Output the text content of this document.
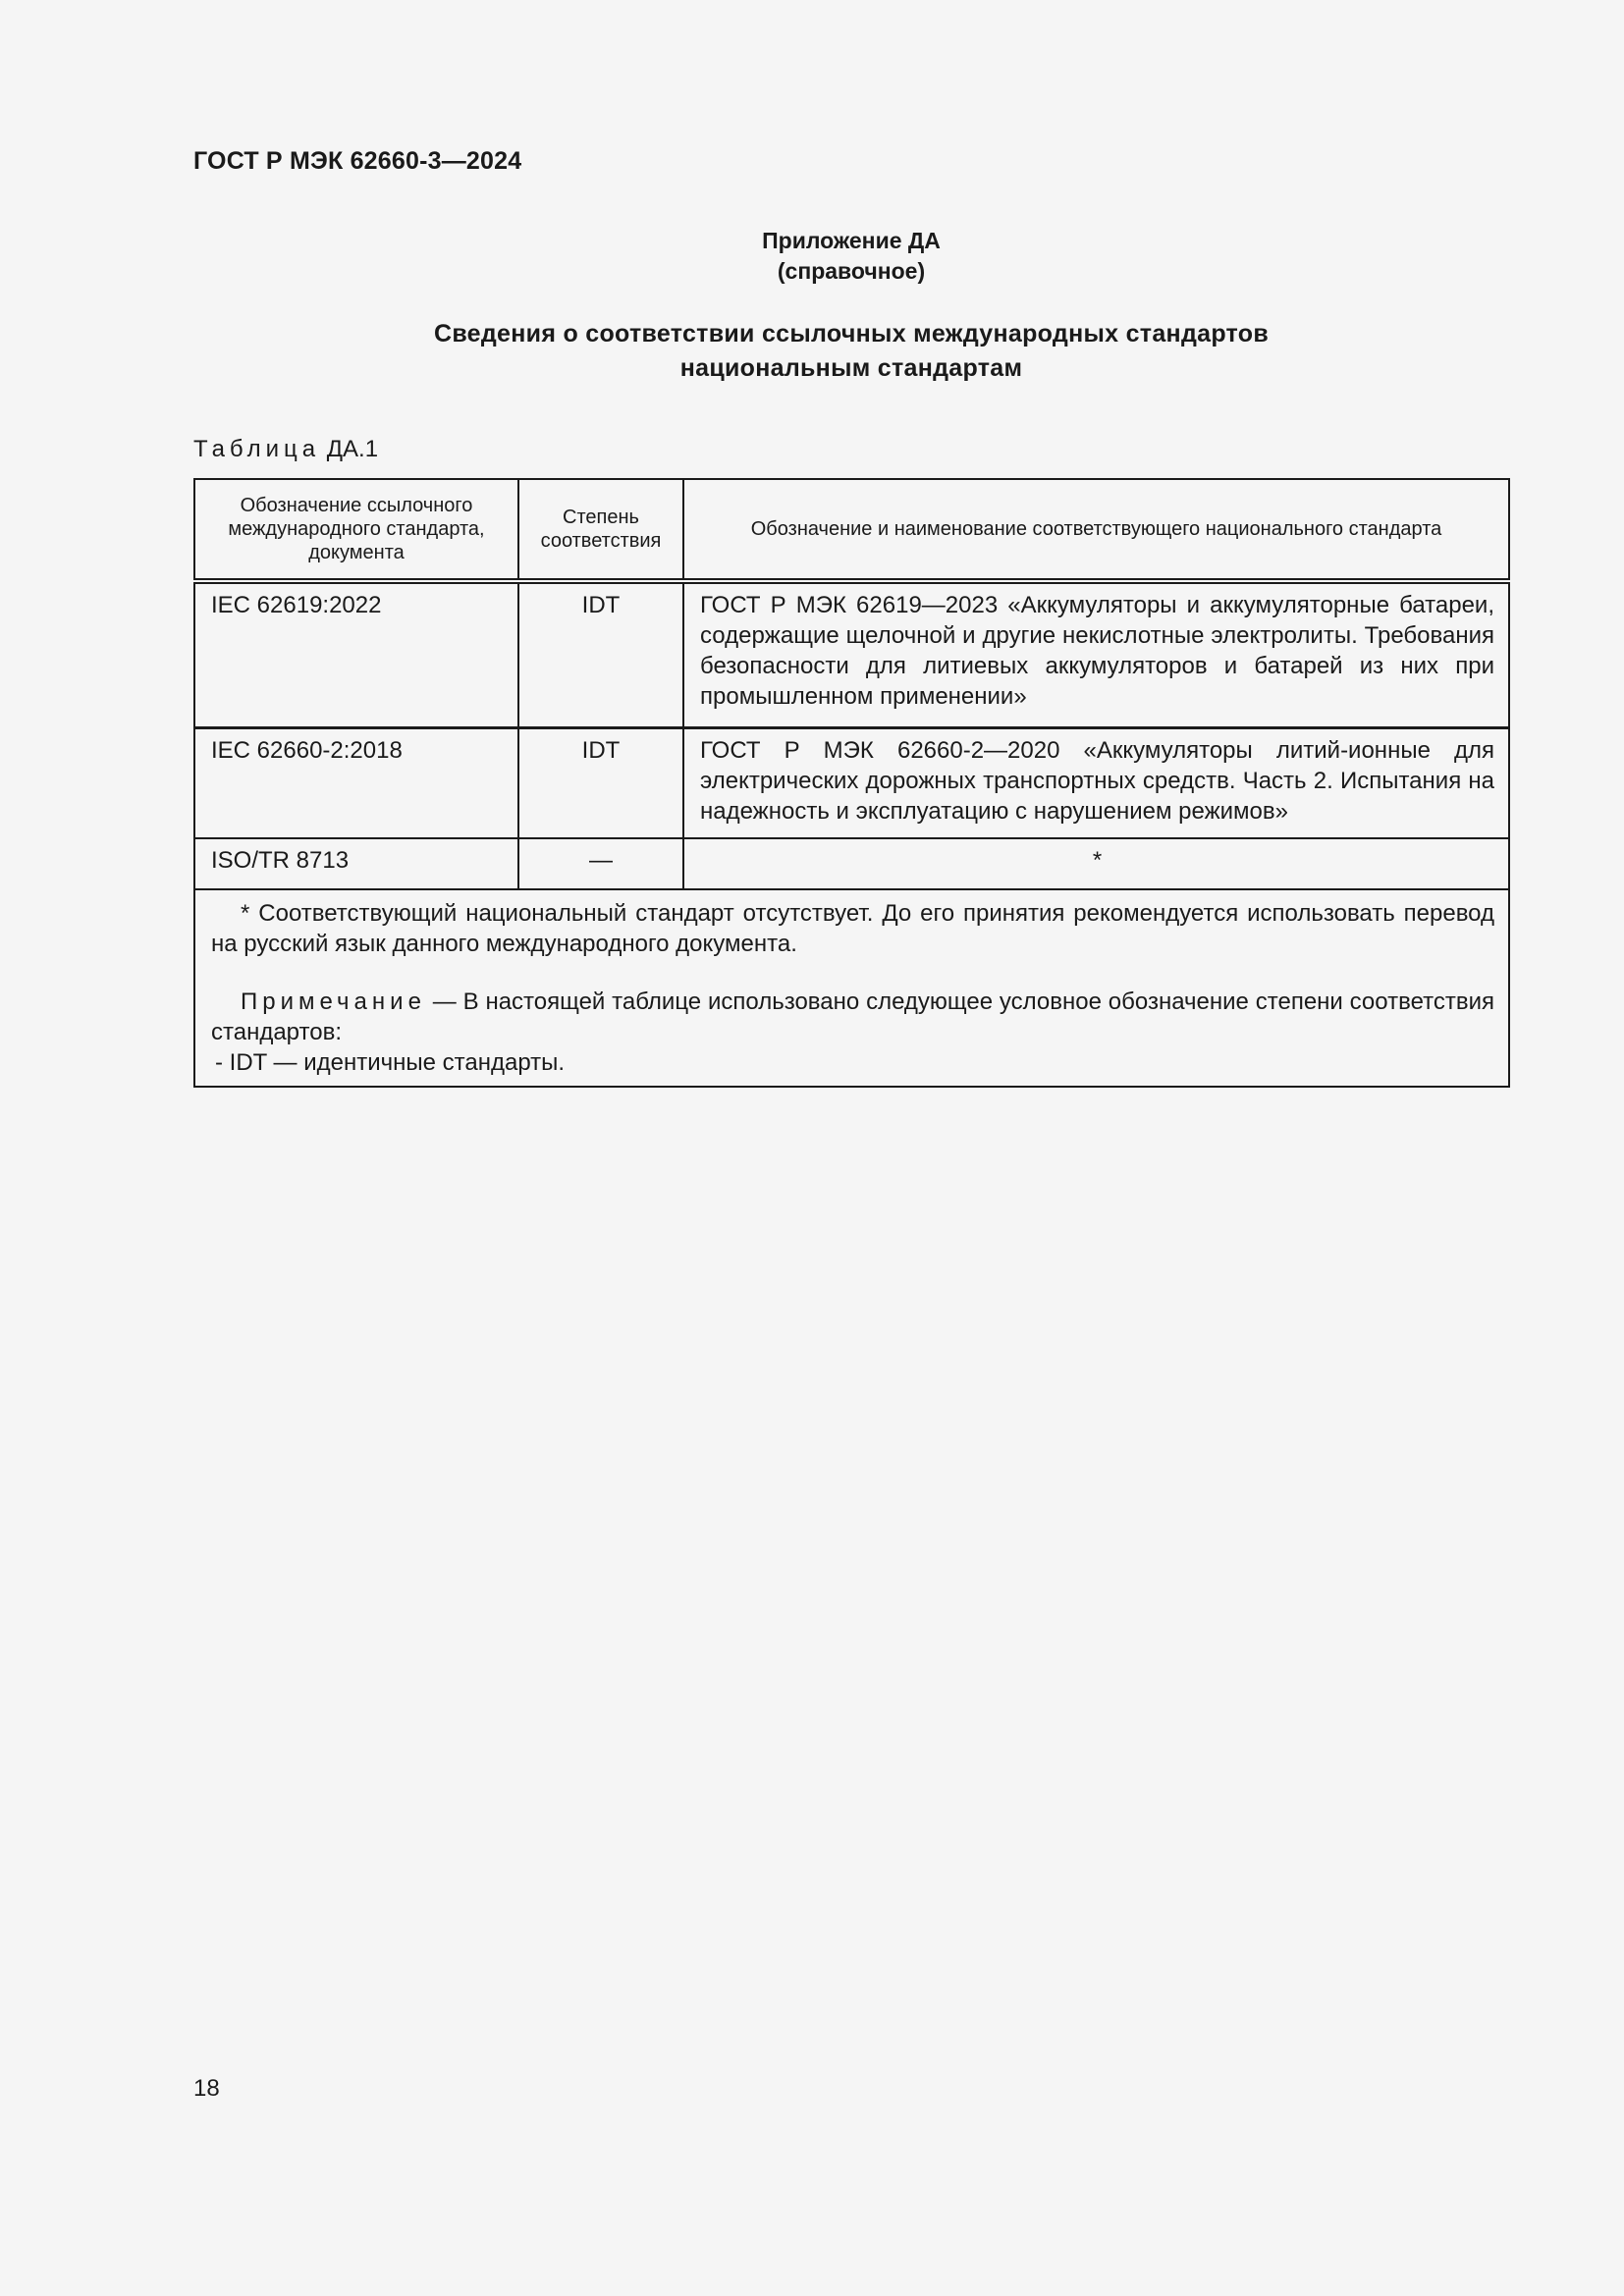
ГОСТ Р МЭК 62660-3—2024
Приложение ДА
(справочное)
Сведения о соответствии ссылочных международных стандартов
национальным стандартам
Таблица ДА.1
Обозначение ссылочного международного стандарта, документа	Степень соответствия	Обозначение и наименование соответствующего национального стандарта
IEC 62619:2022	IDT	ГОСТ Р МЭК 62619—2023 «Аккумуляторы и аккумуляторные батареи, содержащие щелочной и другие некислотные электролиты. Требования безопасности для литиевых аккумуляторов и батарей из них при промышленном применении»
IEC 62660-2:2018	IDT	ГОСТ Р МЭК 62660-2—2020 «Аккумуляторы литий-ионные для электрических дорожных транспортных средств. Часть 2. Испытания на надежность и эксплуатацию с нарушением режимов»
ISO/TR 8713	—	*

* Соответствующий национальный стандарт отсутствует. До его принятия рекомендуется использовать перевод на русский язык данного международного документа.

Примечание — В настоящей таблице использовано следующее условное обозначение степени соответствия стандартов:

- IDT — идентичные стандарты.		

18
